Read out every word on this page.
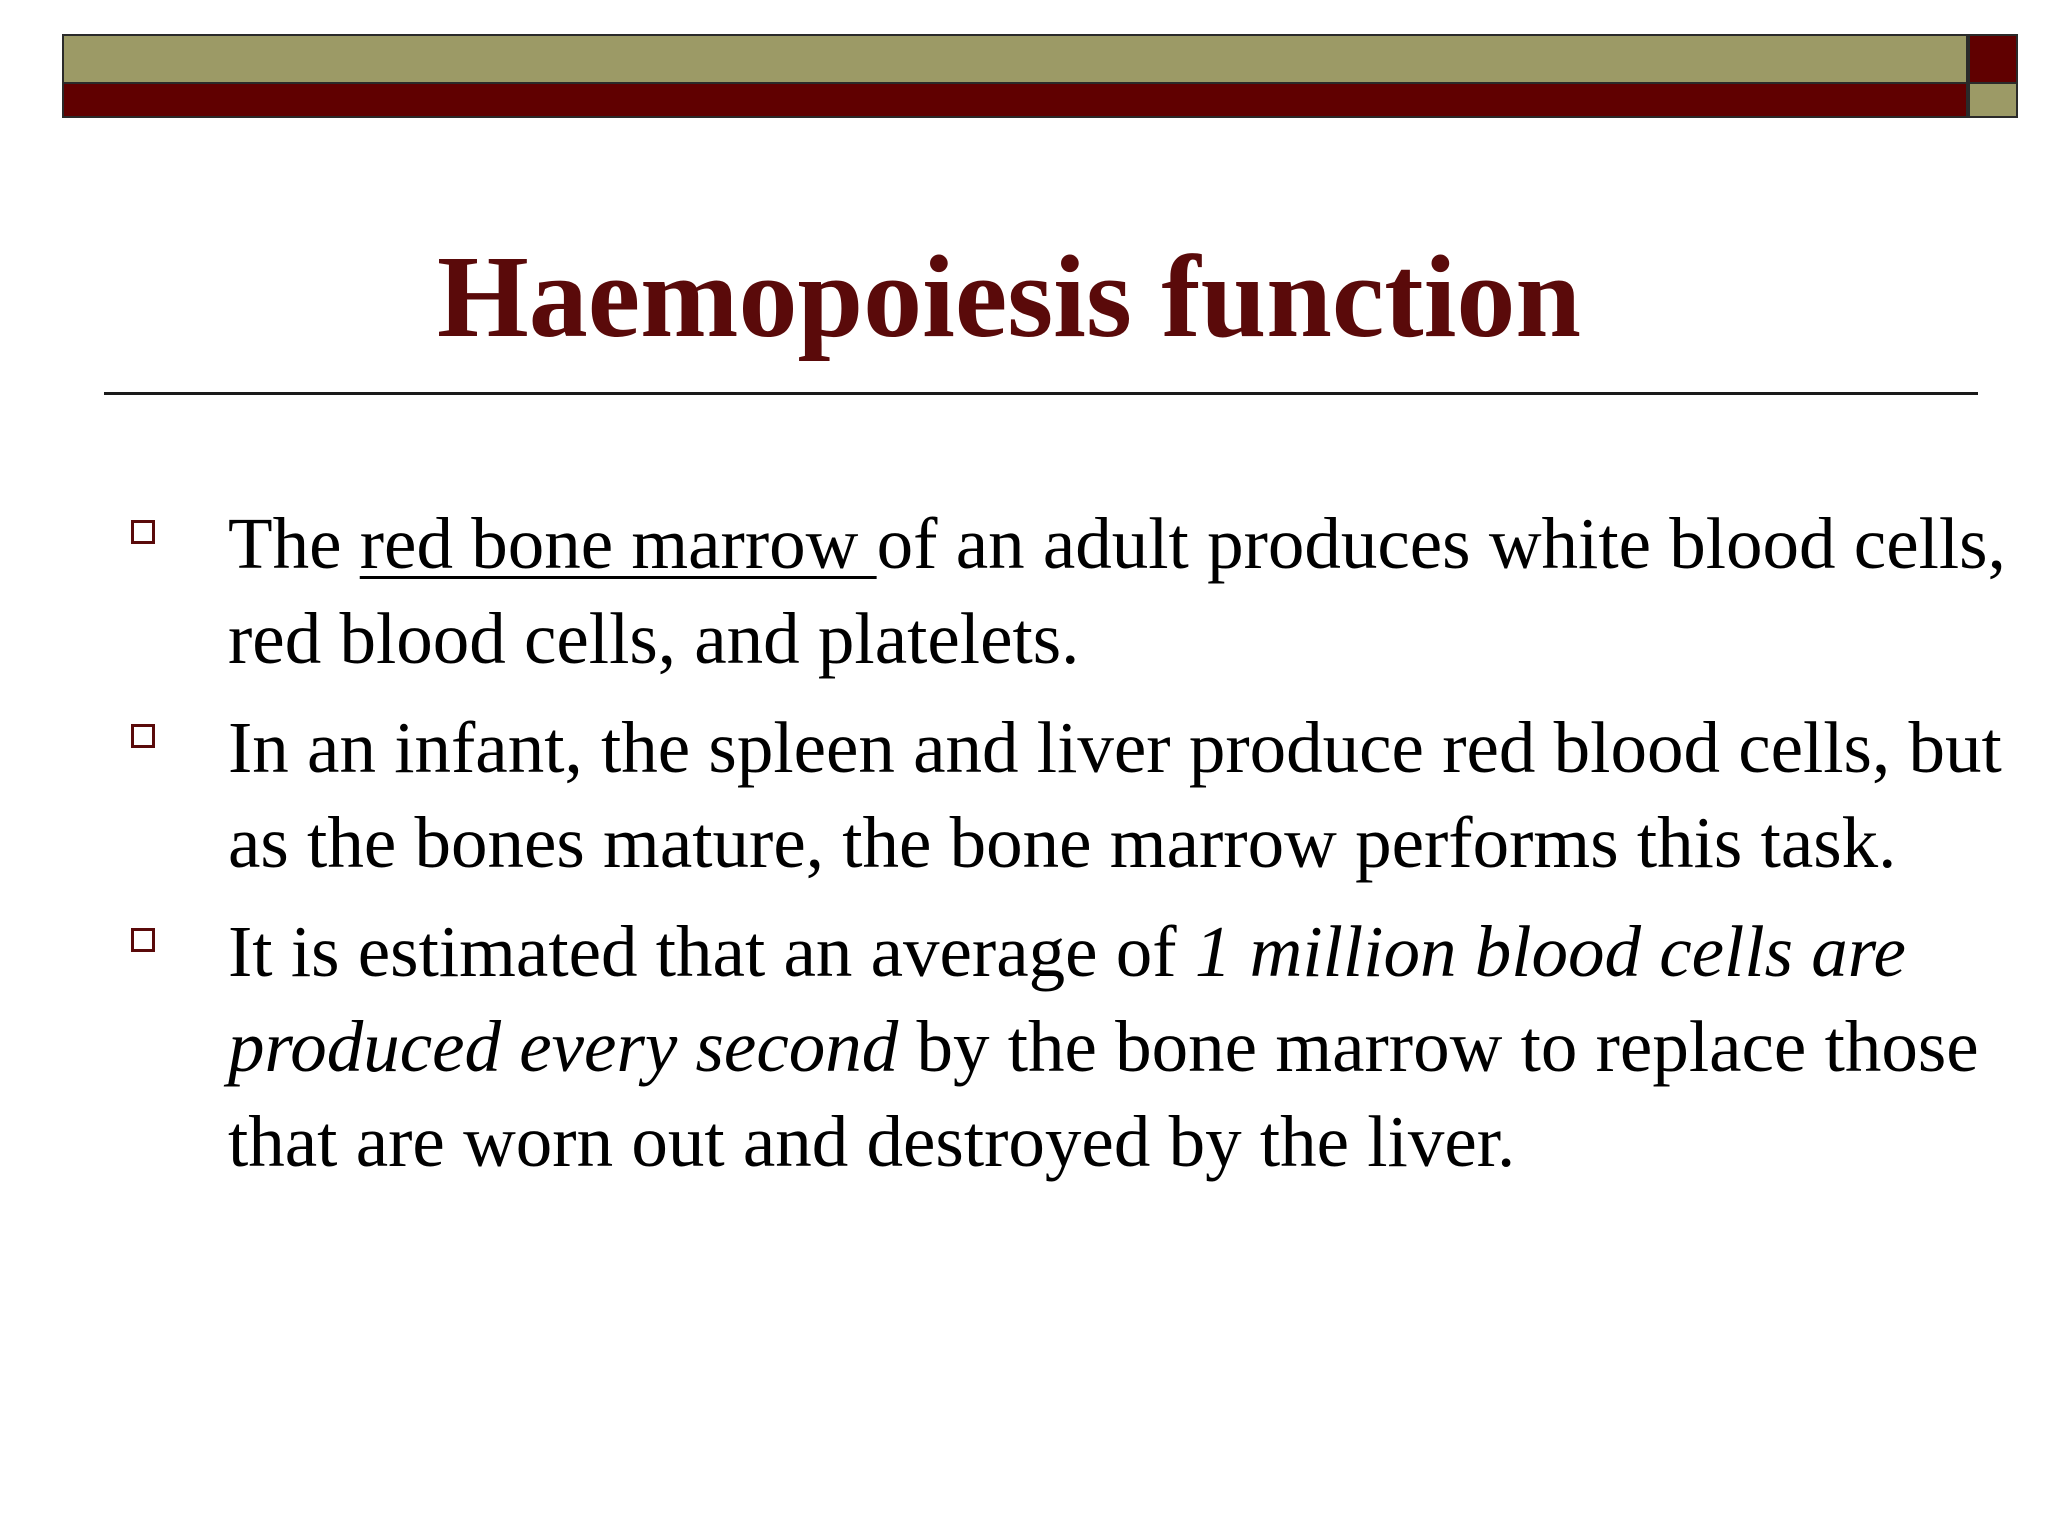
Haemopoiesis function
The red bone marrow of an adult produces white blood cells, red blood cells, and platelets.
In an infant, the spleen and liver produce red blood cells, but as the bones mature, the bone marrow performs this task.
It is estimated that an average of 1 million blood cells are produced every second by the bone marrow to replace those that are worn out and destroyed by the liver.
